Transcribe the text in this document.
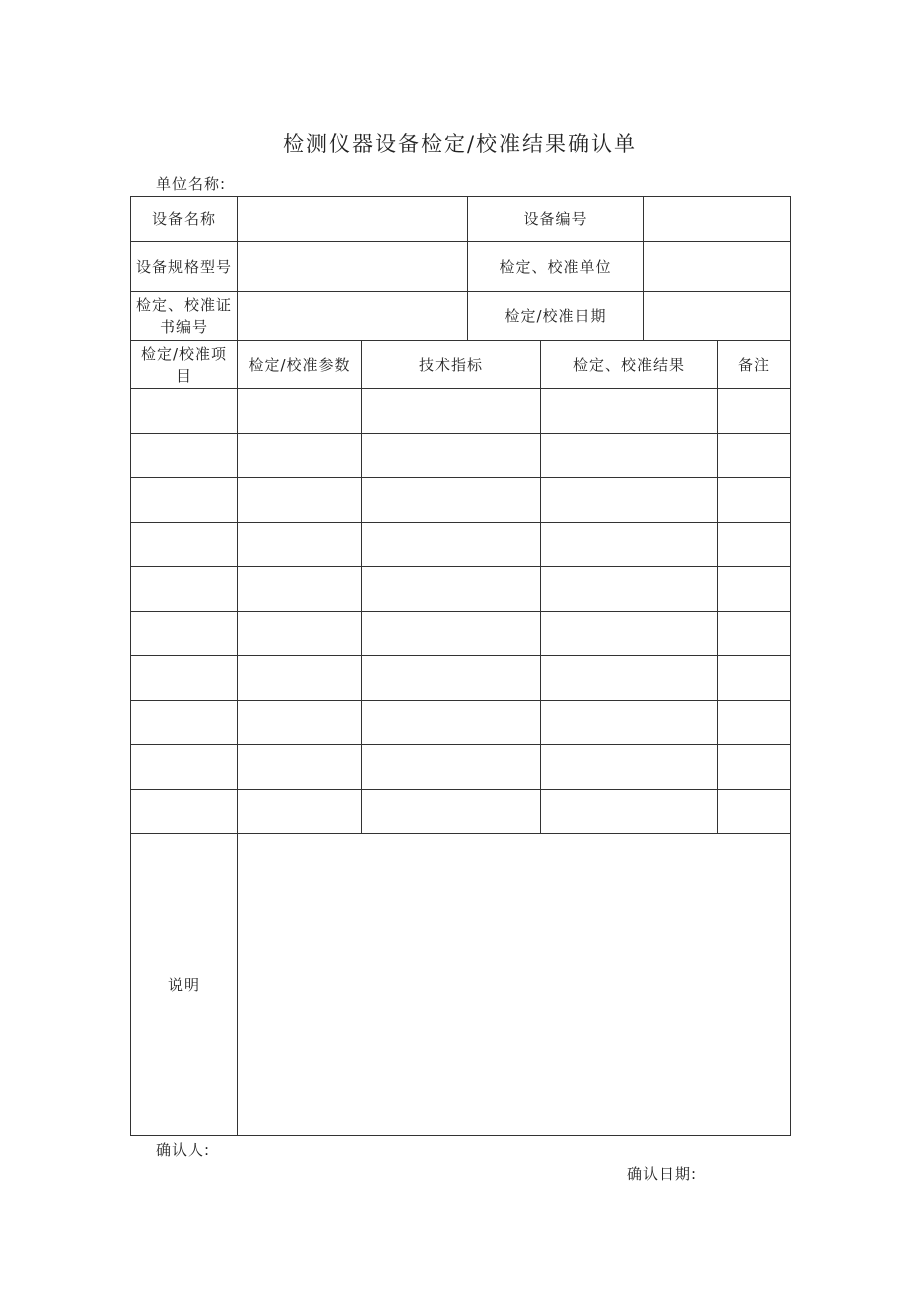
检测仪器设备检定/校准结果确认单
单位名称:
设备名称			设备编号			
设备规格型号			检定、校准单位			
检定、校准证书编号			检定/校准日期			
检定/校准项目	检定/校准参数	技术指标		检定、校准结果		备注

说明						
确认人:
确认日期:
